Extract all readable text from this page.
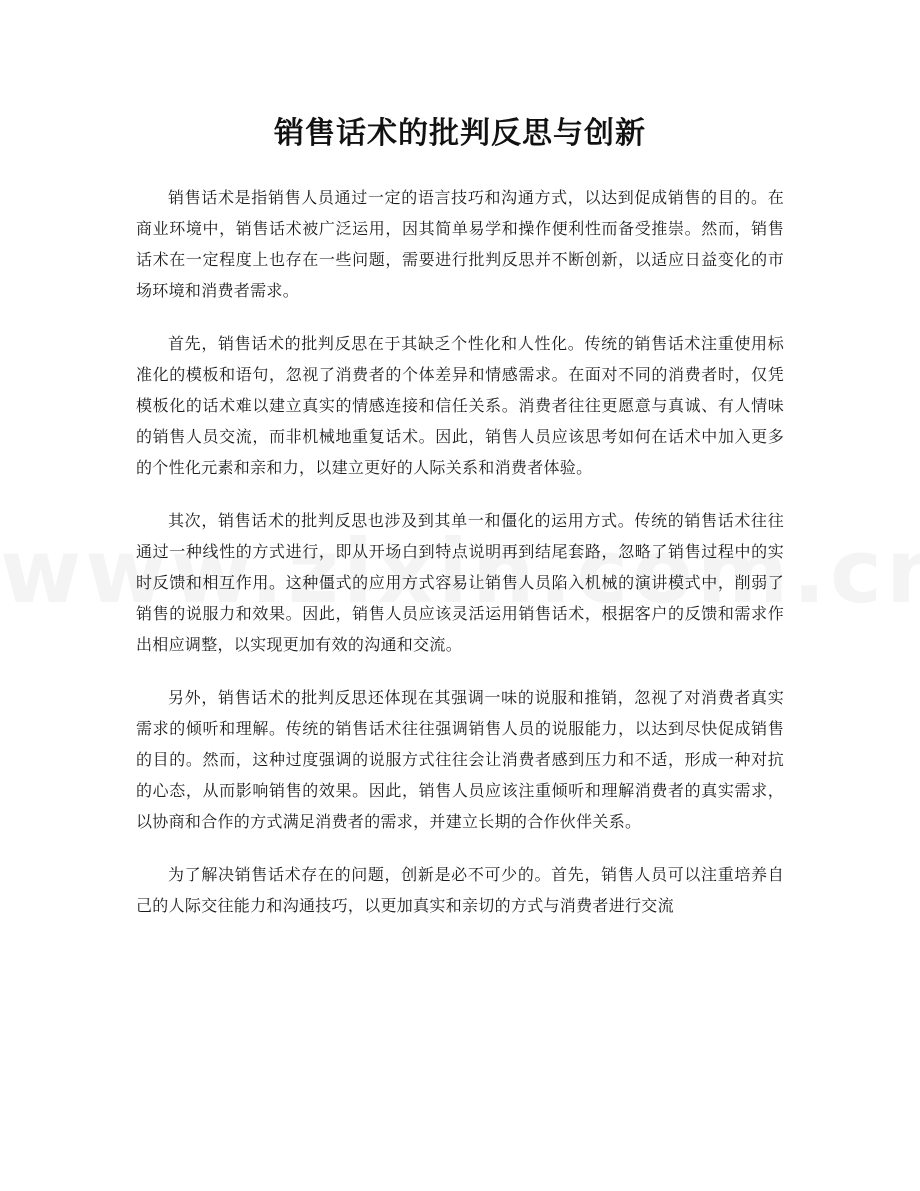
销售话术的批判反思与创新

销售话术是指销售人员通过一定的语言技巧和沟通方式，以达到促成销售的目的。在商业环境中，销售话术被广泛运用，因其简单易学和操作便利性而备受推崇。然而，销售话术在一定程度上也存在一些问题，需要进行批判反思并不断创新，以适应日益变化的市场环境和消费者需求。

首先，销售话术的批判反思在于其缺乏个性化和人性化。传统的销售话术注重使用标准化的模板和语句，忽视了消费者的个体差异和情感需求。在面对不同的消费者时，仅凭模板化的话术难以建立真实的情感连接和信任关系。消费者往往更愿意与真诚、有人情味的销售人员交流，而非机械地重复话术。因此，销售人员应该思考如何在话术中加入更多的个性化元素和亲和力，以建立更好的人际关系和消费者体验。

其次，销售话术的批判反思也涉及到其单一和僵化的运用方式。传统的销售话术往往通过一种线性的方式进行，即从开场白到特点说明再到结尾套路，忽略了销售过程中的实时反馈和相互作用。这种僵式的应用方式容易让销售人员陷入机械的演讲模式中，削弱了销售的说服力和效果。因此，销售人员应该灵活运用销售话术，根据客户的反馈和需求作出相应调整，以实现更加有效的沟通和交流。

另外，销售话术的批判反思还体现在其强调一味的说服和推销，忽视了对消费者真实需求的倾听和理解。传统的销售话术往往强调销售人员的说服能力，以达到尽快促成销售的目的。然而，这种过度强调的说服方式往往会让消费者感到压力和不适，形成一种对抗的心态，从而影响销售的效果。因此，销售人员应该注重倾听和理解消费者的真实需求，以协商和合作的方式满足消费者的需求，并建立长期的合作伙伴关系。

为了解决销售话术存在的问题，创新是必不可少的。首先，销售人员可以注重培养自己的人际交往能力和沟通技巧，以更加真实和亲切的方式与消费者进行交流
